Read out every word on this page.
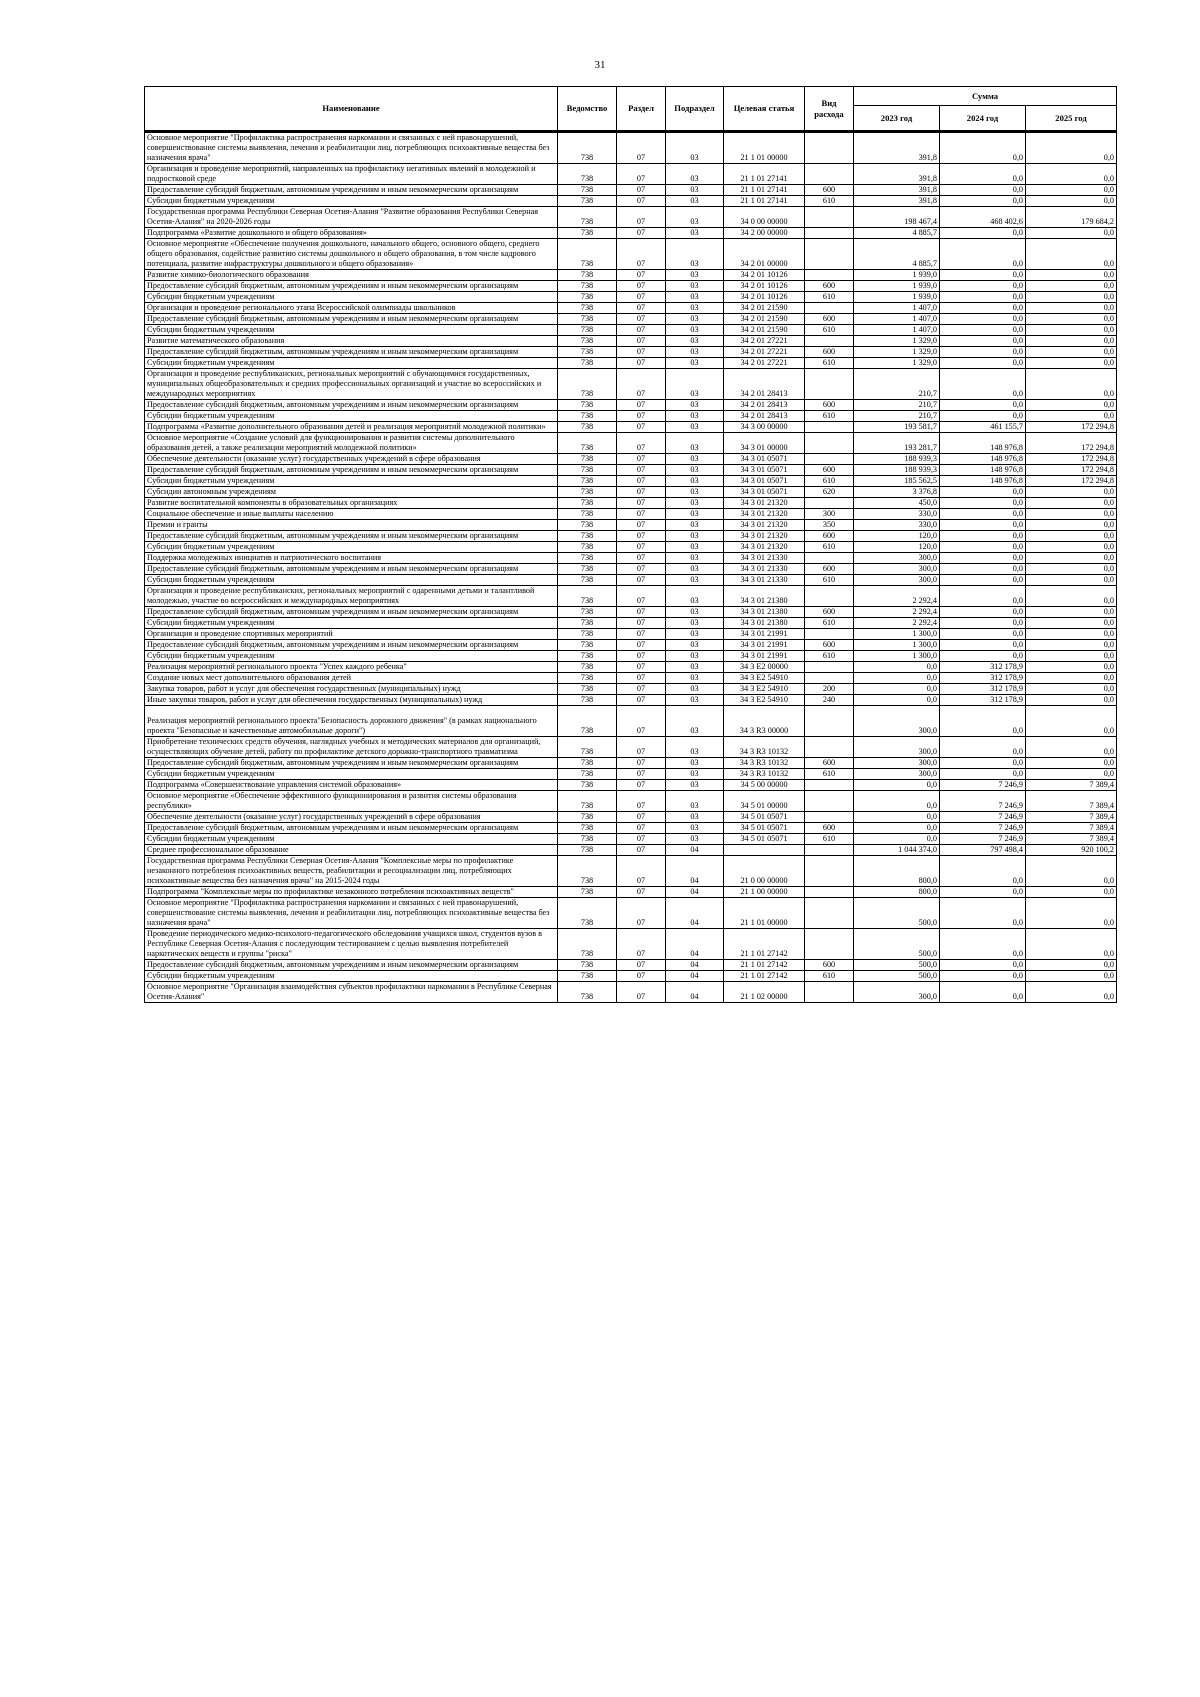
31
Наименование	Ведомство	Раздел	Подраздел	Целевая статья	Вид расхода	Сумма		
						2023 год	2024 год	2025 год
Основное мероприятие "Профилактика распространения наркомании и связанных с ней правонарушений, совершенствование системы выявления, лечения и реабилитации лиц, потребляющих психоактивные вещества без назначения врача"	738	07	03	21 1 01 00000		391,8	0,0	0,0
Организация и проведение мероприятий, направленных на профилактику негативных явлений в молодежной и подростковой среде	738	07	03	21 1 01 27141		391,8	0,0	0,0
Предоставление субсидий бюджетным, автономным учреждениям и иным некоммерческим организациям	738	07	03	21 1 01 27141	600	391,8	0,0	0,0
Субсидии бюджетным учреждениям	738	07	03	21 1 01 27141	610	391,8	0,0	0,0
Государственная программа Республики Северная Осетия-Алания "Развитие образования Республики Северная Осетия-Алания" на 2020-2026 годы	738	07	03	34 0 00 00000		198 467,4	468 402,6	179 684,2
Подпрограмма «Развитие дошкольного и общего образования»	738	07	03	34 2 00 00000		4 885,7	0,0	0,0
Основное мероприятие «Обеспечение получения дошкольного, начального общего, основного общего, среднего общего образования, содействие развитию системы дошкольного и общего образования, в том числе кадрового потенциала, развитие инфраструктуры дошкольного и общего образования»	738	07	03	34 2 01 00000		4 885,7	0,0	0,0
Развитие химико-биологического образования	738	07	03	34 2 01 10126		1 939,0	0,0	0,0
Предоставление субсидий бюджетным, автономным учреждениям и иным некоммерческим организациям	738	07	03	34 2 01 10126	600	1 939,0	0,0	0,0
Субсидии бюджетным учреждениям	738	07	03	34 2 01 10126	610	1 939,0	0,0	0,0
Организация и проведение регионального этапа Всероссийской олимпиады школьников	738	07	03	34 2 01 21590		1 407,0	0,0	0,0
Предоставление субсидий бюджетным, автономным учреждениям и иным некоммерческим организациям	738	07	03	34 2 01 21590	600	1 407,0	0,0	0,0
Субсидии бюджетным учреждениям	738	07	03	34 2 01 21590	610	1 407,0	0,0	0,0
Развитие математического образования	738	07	03	34 2 01 27221		1 329,0	0,0	0,0
Предоставление субсидий бюджетным, автономным учреждениям и иным некоммерческим организациям	738	07	03	34 2 01 27221	600	1 329,0	0,0	0,0
Субсидии бюджетным учреждениям	738	07	03	34 2 01 27221	610	1 329,0	0,0	0,0
Организация и проведение республиканских, региональных мероприятий с обучающимися государственных, муниципальных общеобразовательных и средних профессиональных организаций и участие во всероссийских и международных мероприятиях	738	07	03	34 2 01 28413		210,7	0,0	0,0
Предоставление субсидий бюджетным, автономным учреждениям и иным некоммерческим организациям	738	07	03	34 2 01 28413	600	210,7	0,0	0,0
Субсидии бюджетным учреждениям	738	07	03	34 2 01 28413	610	210,7	0,0	0,0
Подпрограмма «Развитие дополнительного образования детей и реализация мероприятий молодежной политики»	738	07	03	34 3 00 00000		193 581,7	461 155,7	172 294,8
Основное мероприятие «Создание условий для функционирования и развития системы дополнительного образования детей, а также реализации мероприятий молодежной политики»	738	07	03	34 3 01 00000		193 281,7	148 976,8	172 294,8
Обеспечение деятельности (оказание услуг) государственных учреждений в сфере образования	738	07	03	34 3 01 05071		188 939,3	148 976,8	172 294,8
Предоставление субсидий бюджетным, автономным учреждениям и иным некоммерческим организациям	738	07	03	34 3 01 05071	600	188 939,3	148 976,8	172 294,8
Субсидии бюджетным учреждениям	738	07	03	34 3 01 05071	610	185 562,5	148 976,8	172 294,8
Субсидии автономным учреждениям	738	07	03	34 3 01 05071	620	3 376,8	0,0	0,0
Развитие воспитательной компоненты в образовательных организациях	738	07	03	34 3 01 21320		450,0	0,0	0,0
Социальное обеспечение и иные выплаты населению	738	07	03	34 3 01 21320	300	330,0	0,0	0,0
Премии и гранты	738	07	03	34 3 01 21320	350	330,0	0,0	0,0
Предоставление субсидий бюджетным, автономным учреждениям и иным некоммерческим организациям	738	07	03	34 3 01 21320	600	120,0	0,0	0,0
Субсидии бюджетным учреждениям	738	07	03	34 3 01 21320	610	120,0	0,0	0,0
Поддержка молодежных инициатив и патриотического воспитания	738	07	03	34 3 01 21330		300,0	0,0	0,0
Предоставление субсидий бюджетным, автономным учреждениям и иным некоммерческим организациям	738	07	03	34 3 01 21330	600	300,0	0,0	0,0
Субсидии бюджетным учреждениям	738	07	03	34 3 01 21330	610	300,0	0,0	0,0
Организация и проведение республиканских, региональных мероприятий с одаренными детьми и талантливой молодежью, участие во всероссийских и международных мероприятиях	738	07	03	34 3 01 21380		2 292,4	0,0	0,0
Предоставление субсидий бюджетным, автономным учреждениям и иным некоммерческим организациям	738	07	03	34 3 01 21380	600	2 292,4	0,0	0,0
Субсидии бюджетным учреждениям	738	07	03	34 3 01 21380	610	2 292,4	0,0	0,0
Организация и проведение спортивных мероприятий	738	07	03	34 3 01 21991		1 300,0	0,0	0,0
Предоставление субсидий бюджетным, автономным учреждениям и иным некоммерческим организациям	738	07	03	34 3 01 21991	600	1 300,0	0,0	0,0
Субсидии бюджетным учреждениям	738	07	03	34 3 01 21991	610	1 300,0	0,0	0,0
Реализация мероприятий регионального проекта "Успех каждого ребенка"	738	07	03	34 3 E2 00000		0,0	312 178,9	0,0
Создание новых мест дополнительного образования детей	738	07	03	34 3 E2 54910		0,0	312 178,9	0,0
Закупка товаров, работ и услуг для обеспечения государственных (муниципальных) нужд	738	07	03	34 3 E2 54910	200	0,0	312 178,9	0,0
Иные закупки товаров, работ и услуг для обеспечения государственных (муниципальных) нужд	738	07	03	34 3 E2 54910	240	0,0	312 178,9	0,0
Реализация мероприятий регионального проекта"Безопасность дорожного движения" (в рамках национального проекта "Безопасные и качественные автомобильные дороги")	738	07	03	34 3 R3 00000		300,0	0,0	0,0
Приобретение технических средств обучения, наглядных учебных и методических материалов для организаций, осуществляющих обучение детей, работу по профилактике детского дорожно-транспортного травматизма	738	07	03	34 3 R3 10132		300,0	0,0	0,0
Предоставление субсидий бюджетным, автономным учреждениям и иным некоммерческим организациям	738	07	03	34 3 R3 10132	600	300,0	0,0	0,0
Субсидии бюджетным учреждениям	738	07	03	34 3 R3 10132	610	300,0	0,0	0,0
Подпрограмма «Совершенствование управления системой образования»	738	07	03	34 5 00 00000		0,0	7 246,9	7 389,4
Основное мероприятие «Обеспечение эффективного функционирования и развития системы образования республики»	738	07	03	34 5 01 00000		0,0	7 246,9	7 389,4
Обеспечение деятельности (оказание услуг) государственных учреждений в сфере образования	738	07	03	34 5 01 05071		0,0	7 246,9	7 389,4
Предоставление субсидий бюджетным, автономным учреждениям и иным некоммерческим организациям	738	07	03	34 5 01 05071	600	0,0	7 246,9	7 389,4
Субсидии бюджетным учреждениям	738	07	03	34 5 01 05071	610	0,0	7 246,9	7 389,4
Среднее профессиональное образование	738	07	04			1 044 374,0	797 498,4	920 100,2
Государственная программа Республики Северная Осетия-Алания "Комплексные меры по профилактике незаконного потребления психоактивных веществ, реабилитации и ресоциализации лиц, потребляющих психоактивные вещества без назначения врача" на 2015-2024 годы	738	07	04	21 0 00 00000		800,0	0,0	0,0
Подпрограмма "Комплексные меры по профилактике незаконного потребления психоактивных веществ"	738	07	04	21 1 00 00000		800,0	0,0	0,0
Основное мероприятие "Профилактика распространения наркомании и связанных с ней правонарушений, совершенствование системы выявления, лечения и реабилитации лиц, потребляющих психоактивные вещества без назначения врача"	738	07	04	21 1 01 00000		500,0	0,0	0,0
Проведение периодического медико-психолого-педагогического обследования учащихся школ, студентов вузов в Республике Северная Осетия-Алания с последующим тестированием с целью выявления потребителей наркотических веществ и группы "риска"	738	07	04	21 1 01 27142		500,0	0,0	0,0
Предоставление субсидий бюджетным, автономным учреждениям и иным некоммерческим организациям	738	07	04	21 1 01 27142	600	500,0	0,0	0,0
Субсидии бюджетным учреждениям	738	07	04	21 1 01 27142	610	500,0	0,0	0,0
Основное мероприятие "Организация взаимодействия субъектов профилактики наркомании в Республике Северная Осетия-Алания"	738	07	04	21 1 02 00000		300,0	0,0	0,0
